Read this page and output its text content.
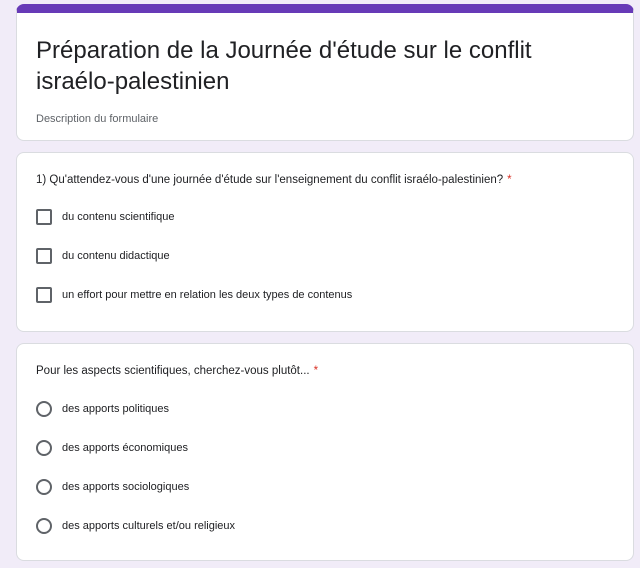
Préparation de la Journée d'étude sur le conflit israélo-palestinien
Description du formulaire
1) Qu'attendez-vous d'une journée d'étude sur l'enseignement du conflit israélo-palestinien? *
du contenu scientifique
du contenu didactique
un effort pour mettre en relation les deux types de contenus
Pour les aspects scientifiques, cherchez-vous plutôt... *
des apports politiques
des apports économiques
des apports sociologiques
des apports culturels et/ou religieux
